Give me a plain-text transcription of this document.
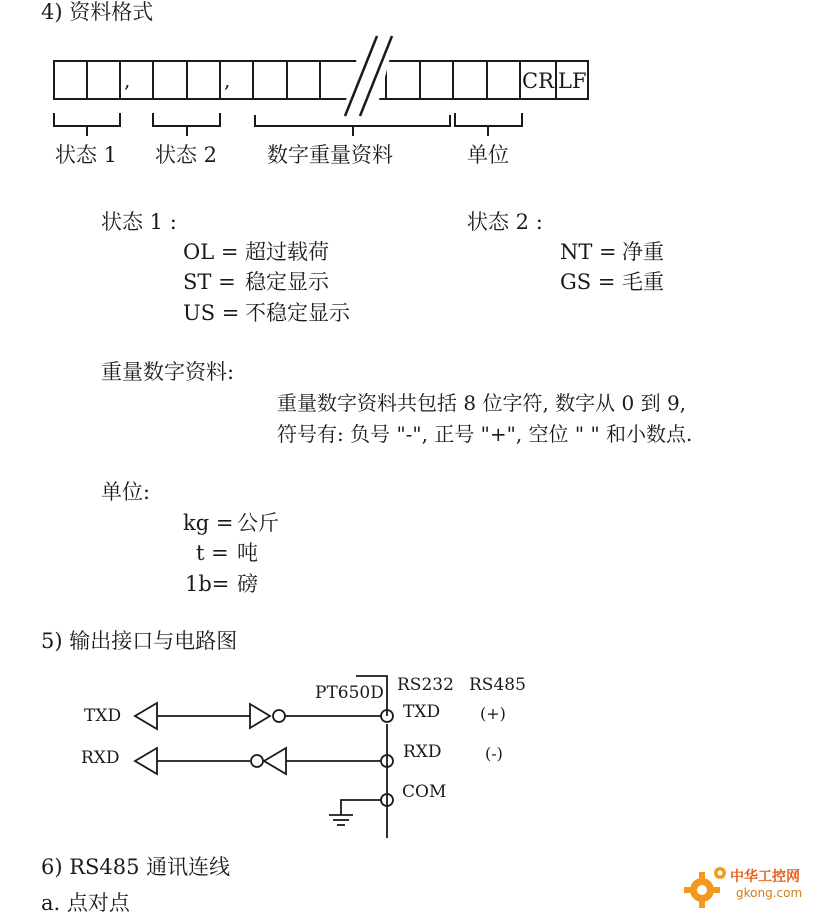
4) 资料格式
,	,	CR LF
状态 1 状态 2 数字重量资料	单位
状态 1 :
OL = 超过载荷
ST = 稳定显示
US = 不稳定显示
状态 2 :
NT = 净重
GS = 毛重
重量数字资料:
重量数字资料共包括 8 位字符, 数字从 0 到 9,
符号有: 负号 "-", 正号 "+", 空位 " " 和小数点.
单位:
kg = 公斤
t = 吨
1b= 磅
5) 输出接口与电路图
PT650D RS232 RS485
TXD
RXD
TXD
RXD
COM
(+)
(-)
6) RS485 通讯连线
a. 点对点
中华工控网
gkong.com
